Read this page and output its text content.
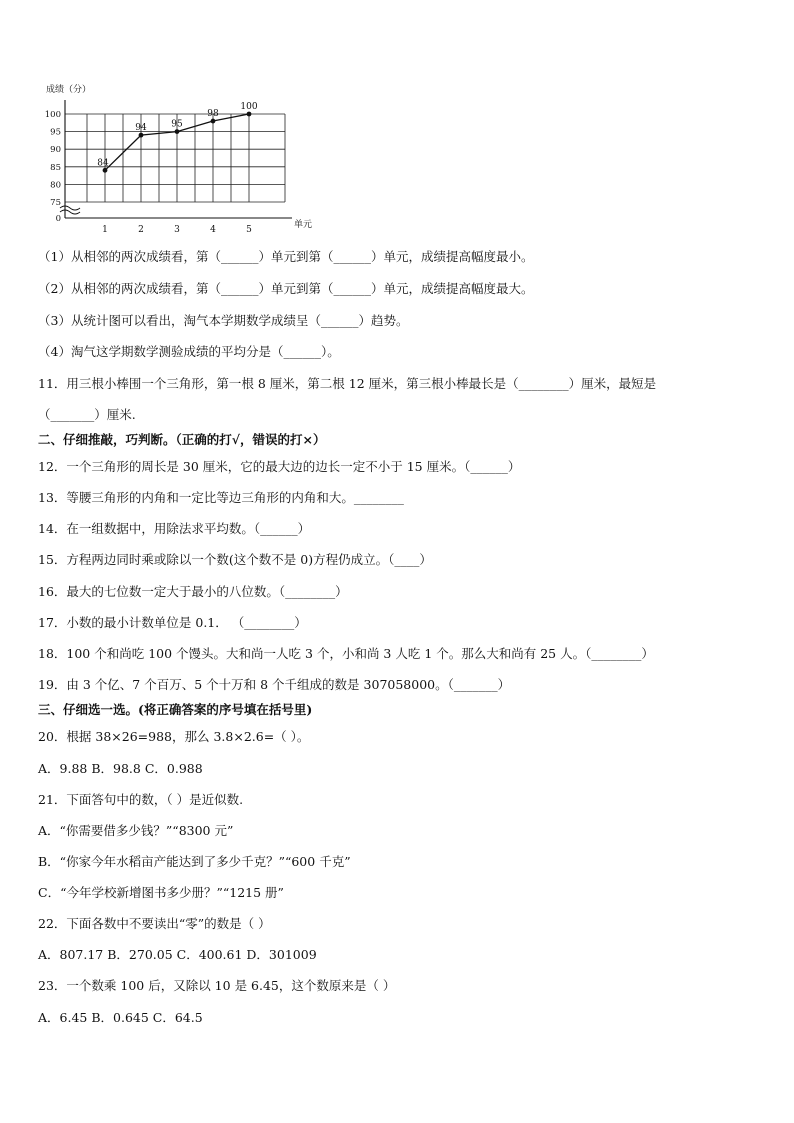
成绩（分）
0
75
80
85
90
95
100
1	2	3	4	5
84
94	95
98
100
单元
（1）从相邻的两次成绩看，第（______）单元到第（______）单元，成绩提高幅度最小。
（2）从相邻的两次成绩看，第（______）单元到第（______）单元，成绩提高幅度最大。
（3）从统计图可以看出，淘气本学期数学成绩呈（______）趋势。
（4）淘气这学期数学测验成绩的平均分是（______）。
11．用三根小棒围一个三角形，第一根 8 厘米，第二根 12 厘米，第三根小棒最长是（________）厘米，最短是
（_______）厘米.
二、仔细推敲，巧判断。（正确的打√，错误的打×）
12．一个三角形的周长是 30 厘米，它的最大边的边长一定不小于 15 厘米。（______）
13．等腰三角形的内角和一定比等边三角形的内角和大。________
14．在一组数据中，用除法求平均数。（______）
15．方程两边同时乘或除以一个数(这个数不是 0)方程仍成立。（____）
16．最大的七位数一定大于最小的八位数。（________）
17．小数的最小计数单位是 0.1． （________）
18．100 个和尚吃 100 个馒头。大和尚一人吃 3 个，小和尚 3 人吃 1 个。那么大和尚有 25 人。（________）
19．由 3 个亿、7 个百万、5 个十万和 8 个千组成的数是 307058000。（_______）
三、仔细选一选。(将正确答案的序号填在括号里)
20．根据 38×26=988，那么 3.8×2.6=（ ）。
A．9.88 B．98.8 C．0.988
21．下面答句中的数，（ ）是近似数.
A．“你需要借多少钱？”“8300 元”
B．“你家今年水稻亩产能达到了多少千克？”“600 千克”
C．“今年学校新增图书多少册？”“1215 册”
22．下面各数中不要读出“零”的数是（ ）
A．807.17 B．270.05 C．400.61 D．301009
23．一个数乘 100 后，又除以 10 是 6.45，这个数原来是（ ）
A．6.45 B．0.645 C．64.5
